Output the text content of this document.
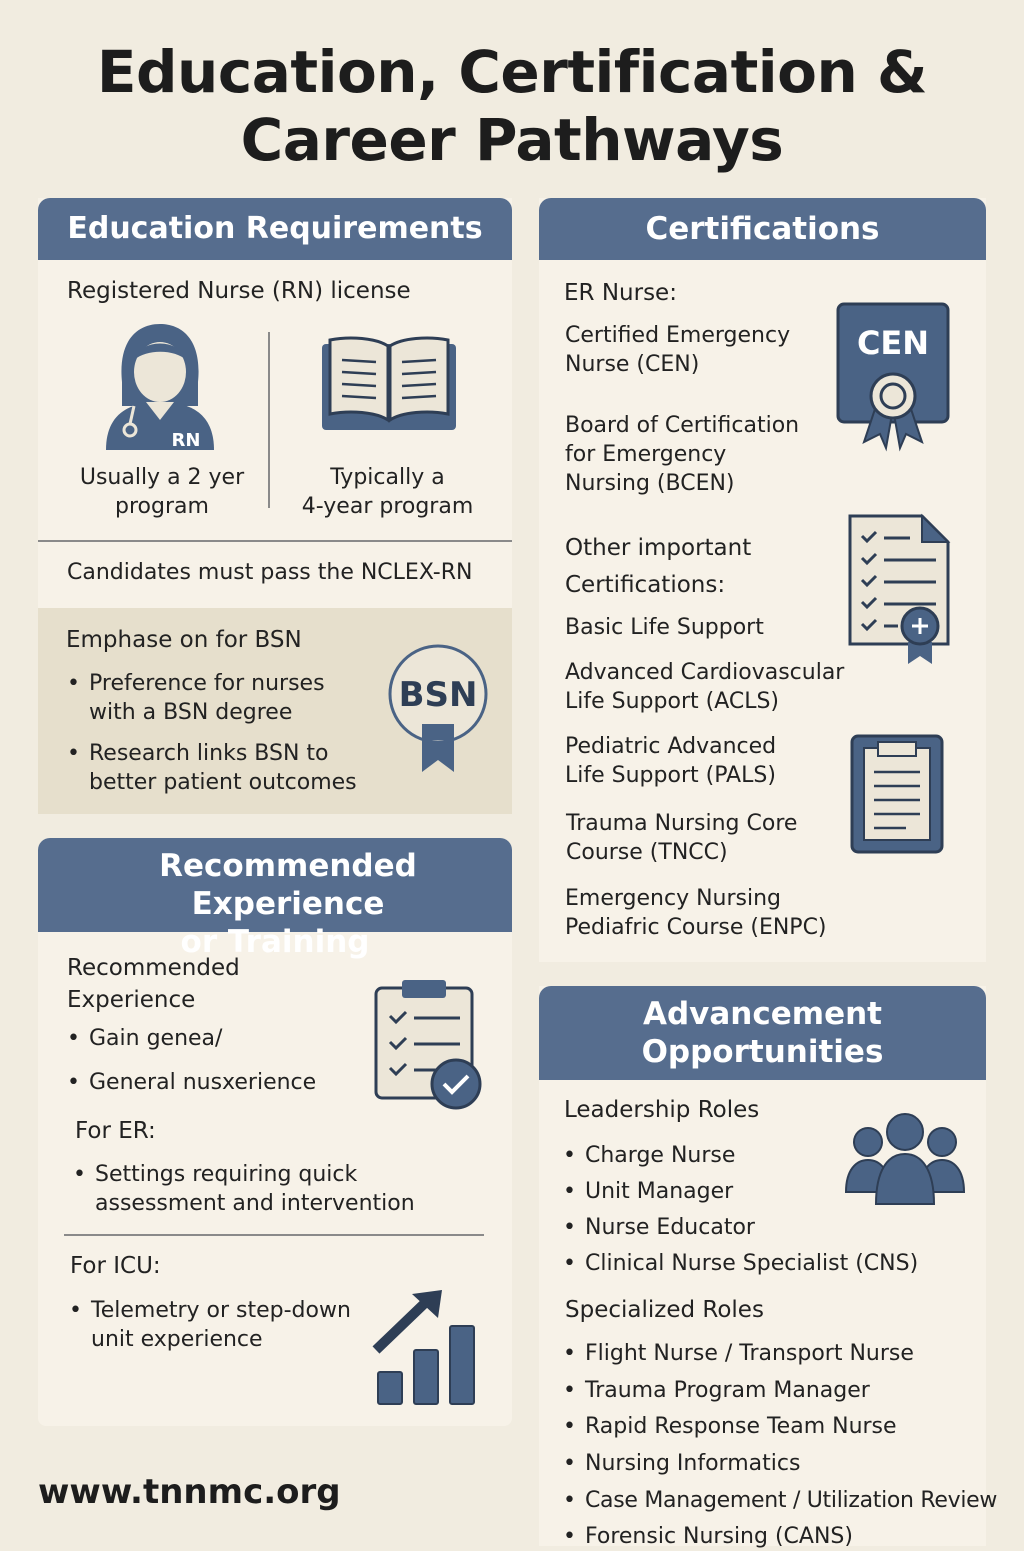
Education, Certification &
Career Pathways
Education Requirements
Registered Nurse (RN) license
RN
Usually a 2 yer
program
Typically a
4-year program
Candidates must pass the NCLEX-RN
Emphase on for BSN
• Preference for nurses
with a BSN degree
• Research links BSN to
better patient outcomes
BSN
Recommended Experience
or Training
Recommended
Experience
• Gain genea/
• General nusxerience
For ER:
• Settings requiring quick
assessment and intervention
For ICU:
• Telemetry or step-down
unit experience
Certifications
ER Nurse:
Certified Emergency
Nurse (CEN)
Board of Certification
for Emergency
Nursing (BCEN)
CEN
Other important
Certifications:
Basic Life Support
Advanced Cardiovascular
Life Support (ACLS)
Pediatric Advanced
Life Support (PALS)
Trauma Nursing Core
Course (TNCC)
Emergency Nursing
Pediafric Course (ENPC)
Advancement
Opportunities
Leadership Roles
• Charge Nurse
• Unit Manager
• Nurse Educator
• Clinical Nurse Specialist (CNS)
Specialized Roles
• Flight Nurse / Transport Nurse
• Trauma Program Manager
• Rapid Response Team Nurse
• Nursing Informatics
• Case Management / Utilization Review
• Forensic Nursing (CANS)
www.tnnmc.org
